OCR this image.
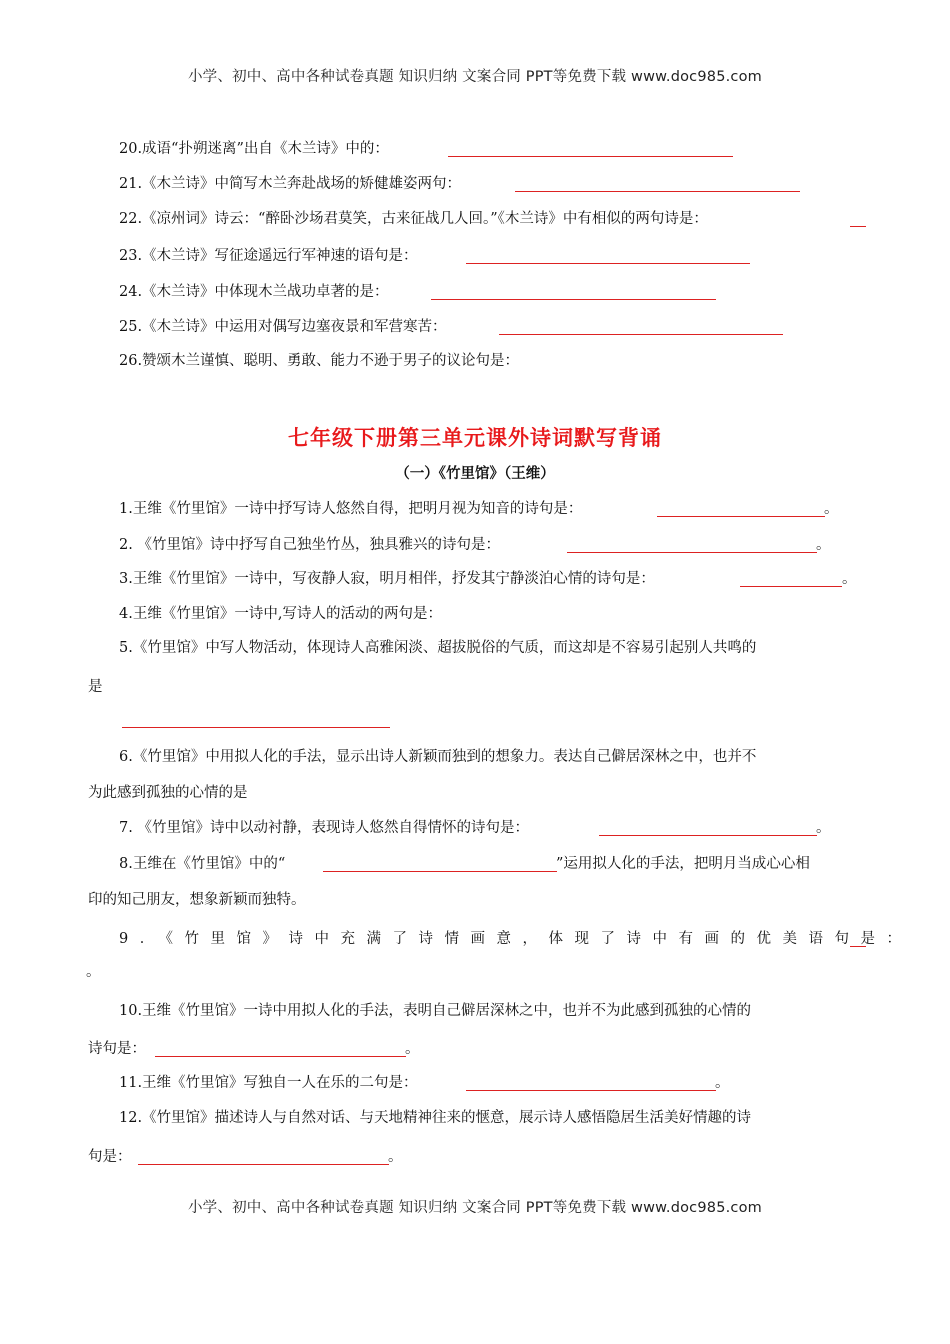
小学、初中、高中各种试卷真题 知识归纳 文案合同 PPT等免费下载 www.doc985.com
20.成语“扑朔迷离”出自《木兰诗》中的：
21.《木兰诗》中简写木兰奔赴战场的矫健雄姿两句：
22.《凉州词》诗云：“醉卧沙场君莫笑，古来征战几人回。”《木兰诗》中有相似的两句诗是：
23.《木兰诗》写征途遥远行军神速的语句是：
24.《木兰诗》中体现木兰战功卓著的是：
25.《木兰诗》中运用对偶写边塞夜景和军营寒苦：
26.赞颂木兰谨慎、聪明、勇敢、能力不逊于男子的议论句是：
七年级下册第三单元课外诗词默写背诵
（一）《竹里馆》（王维）
1.王维《竹里馆》一诗中抒写诗人悠然自得，把明月视为知音的诗句是：	。
2. 《竹里馆》诗中抒写自己独坐竹丛，独具雅兴的诗句是：	。
3.王维《竹里馆》一诗中，写夜静人寂，明月相伴，抒发其宁静淡泊心情的诗句是：	。
4.王维《竹里馆》一诗中,写诗人的活动的两句是：
5.《竹里馆》中写人物活动，体现诗人高雅闲淡、超拔脱俗的气质，而这却是不容易引起别人共鸣的
是
6.《竹里馆》中用拟人化的手法，显示出诗人新颖而独到的想象力。表达自己僻居深林之中，也并不
为此感到孤独的心情的是
7. 《竹里馆》诗中以动衬静，表现诗人悠然自得情怀的诗句是：	。
8.王维在《竹里馆》中的“	”运用拟人化的手法，把明月当成心心相
印的知己朋友，想象新颖而独特。
9．《竹里馆》诗中充满了诗情画意，体现了诗中有画的优美语句是：
。
10.王维《竹里馆》一诗中用拟人化的手法，表明自己僻居深林之中，也并不为此感到孤独的心情的
诗句是：	。
11.王维《竹里馆》写独自一人在乐的二句是：	。
12.《竹里馆》描述诗人与自然对话、与天地精神往来的惬意，展示诗人感悟隐居生活美好情趣的诗
句是：	。
小学、初中、高中各种试卷真题 知识归纳 文案合同 PPT等免费下载 www.doc985.com
